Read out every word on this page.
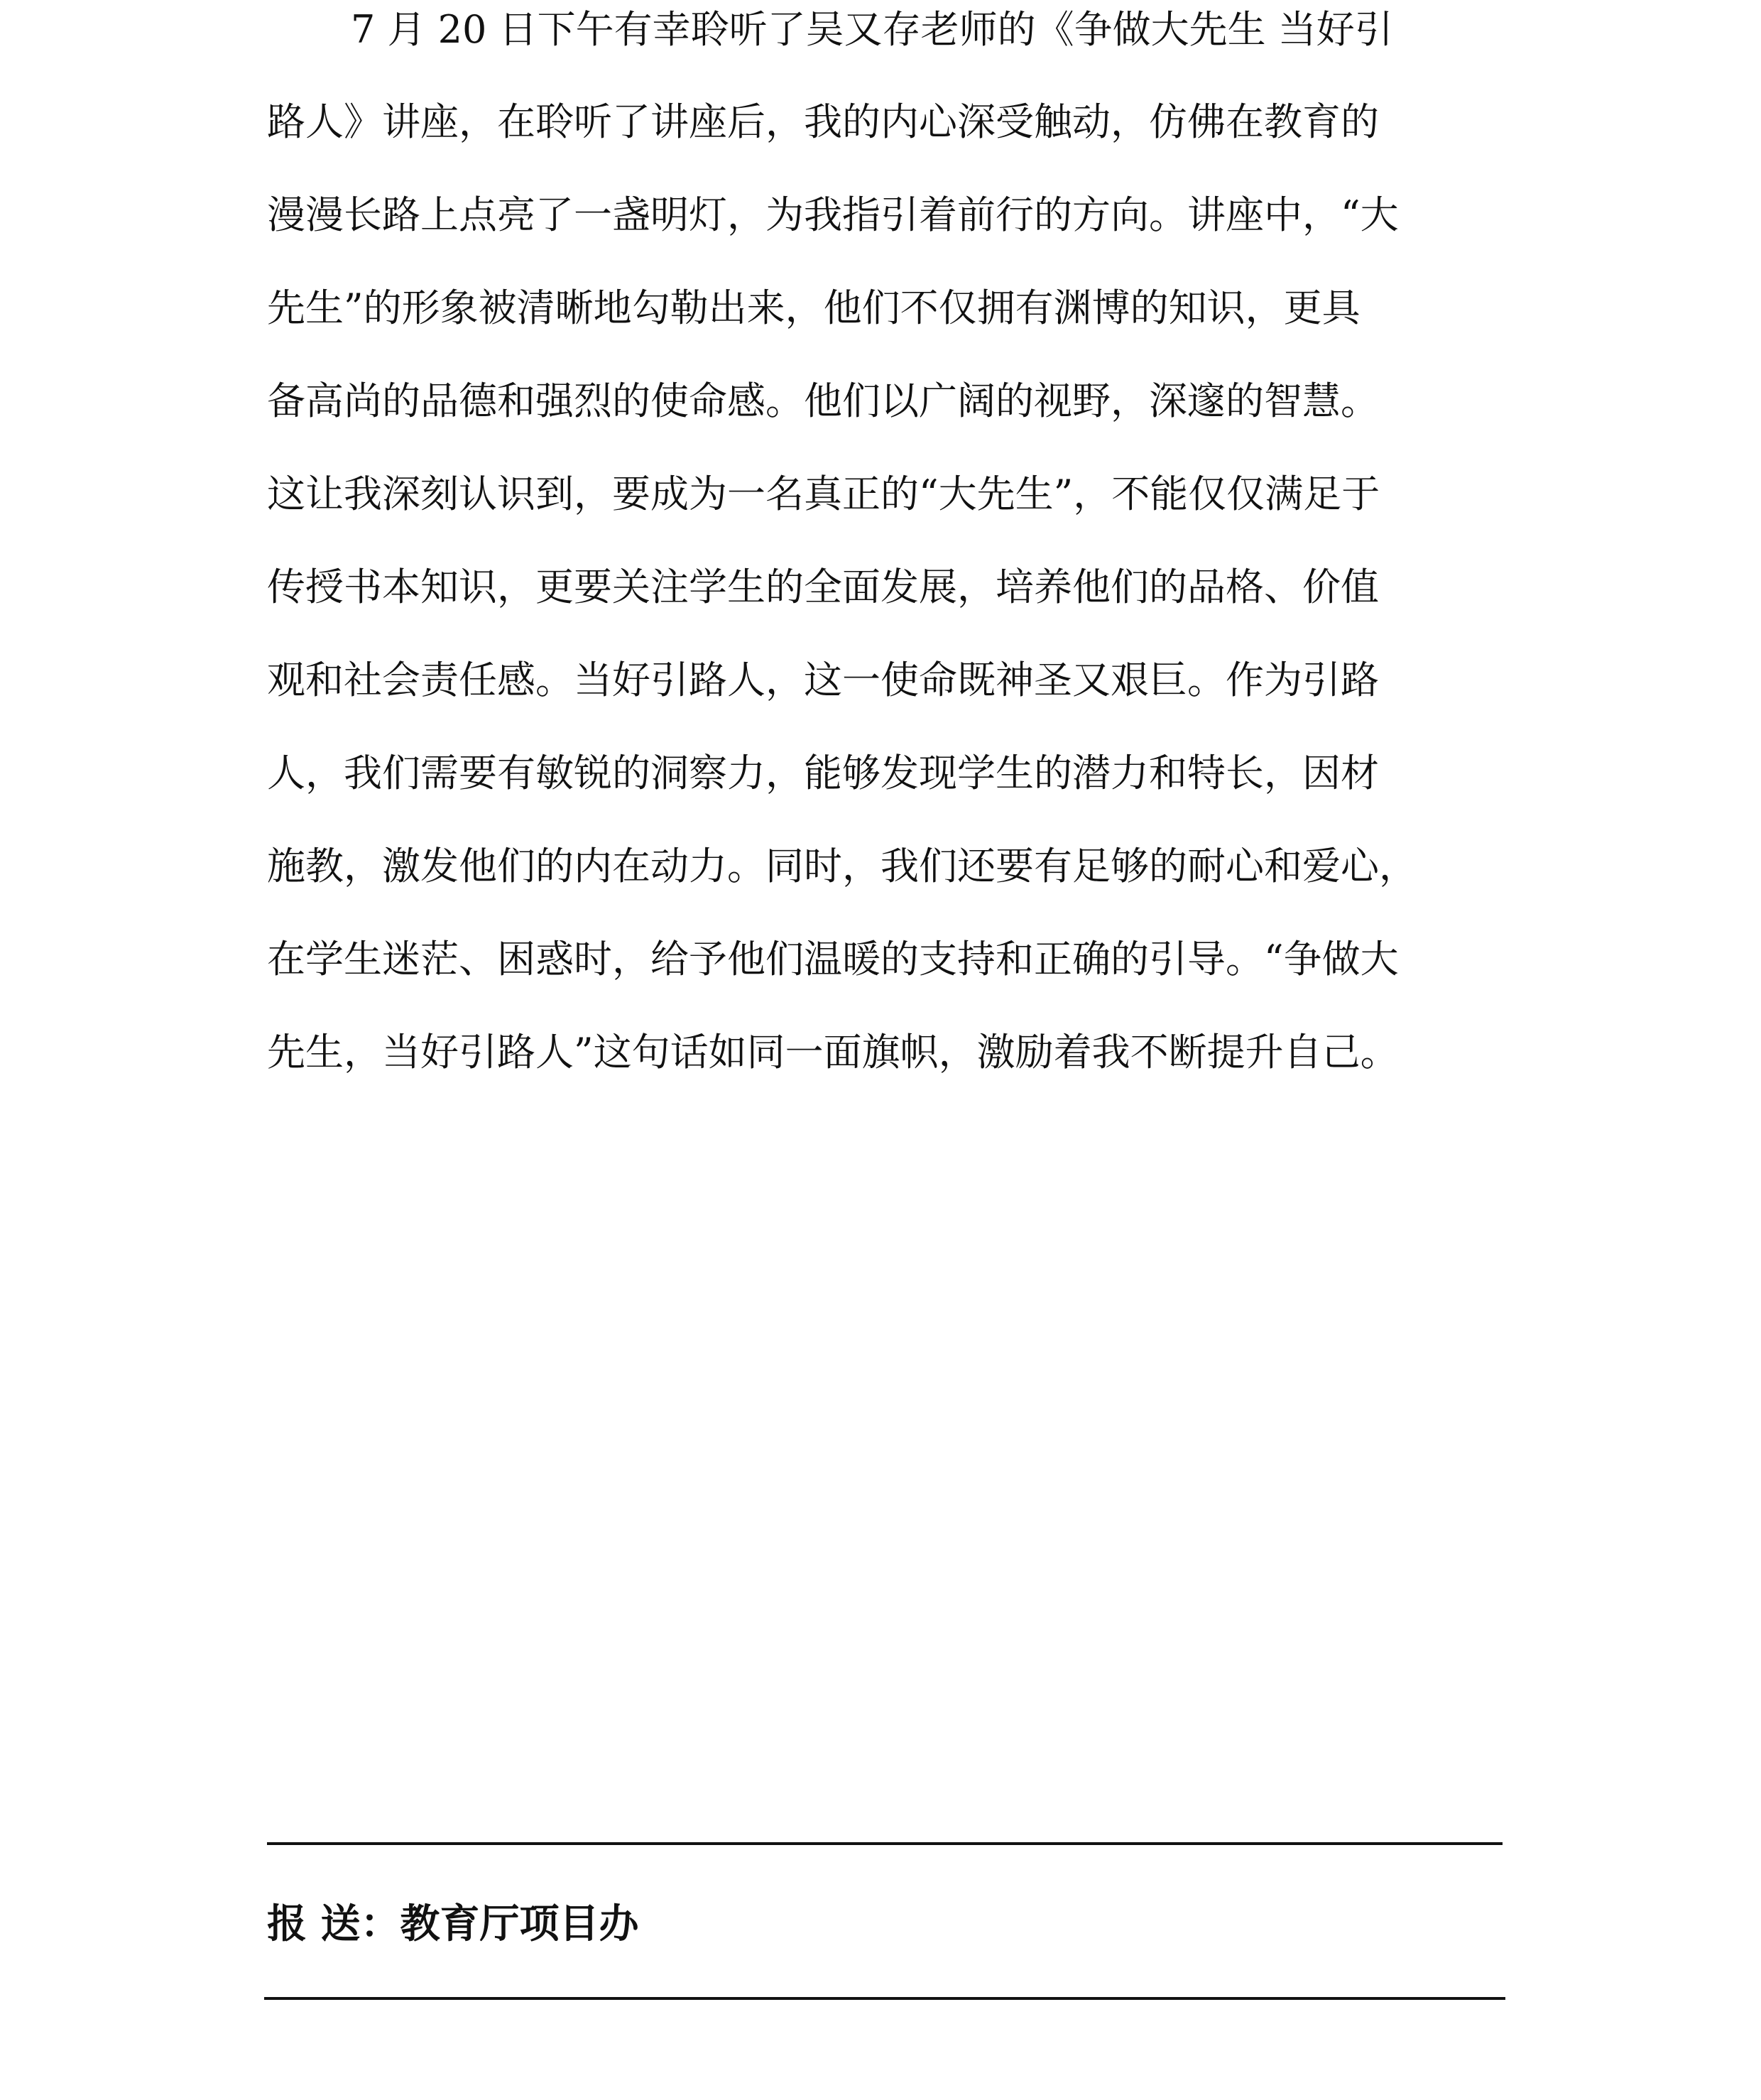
7 月 20 日下午有幸聆听了吴又存老师的《争做大先生 当好引
路人》讲座，在聆听了讲座后，我的内心深受触动，仿佛在教育的
漫漫长路上点亮了一盏明灯，为我指引着前行的方向。讲座中，“大
先生”的形象被清晰地勾勒出来，他们不仅拥有渊博的知识，更具
备高尚的品德和强烈的使命感。他们以广阔的视野，深邃的智慧。
这让我深刻认识到，要成为一名真正的“大先生”，不能仅仅满足于
传授书本知识，更要关注学生的全面发展，培养他们的品格、价值
观和社会责任感。当好引路人，这一使命既神圣又艰巨。作为引路
人，我们需要有敏锐的洞察力，能够发现学生的潜力和特长，因材
施教，激发他们的内在动力。同时，我们还要有足够的耐心和爱心，
在学生迷茫、困惑时，给予他们温暖的支持和正确的引导。“争做大
先生，当好引路人”这句话如同一面旗帜，激励着我不断提升自己。
报 送：教育厅项目办
